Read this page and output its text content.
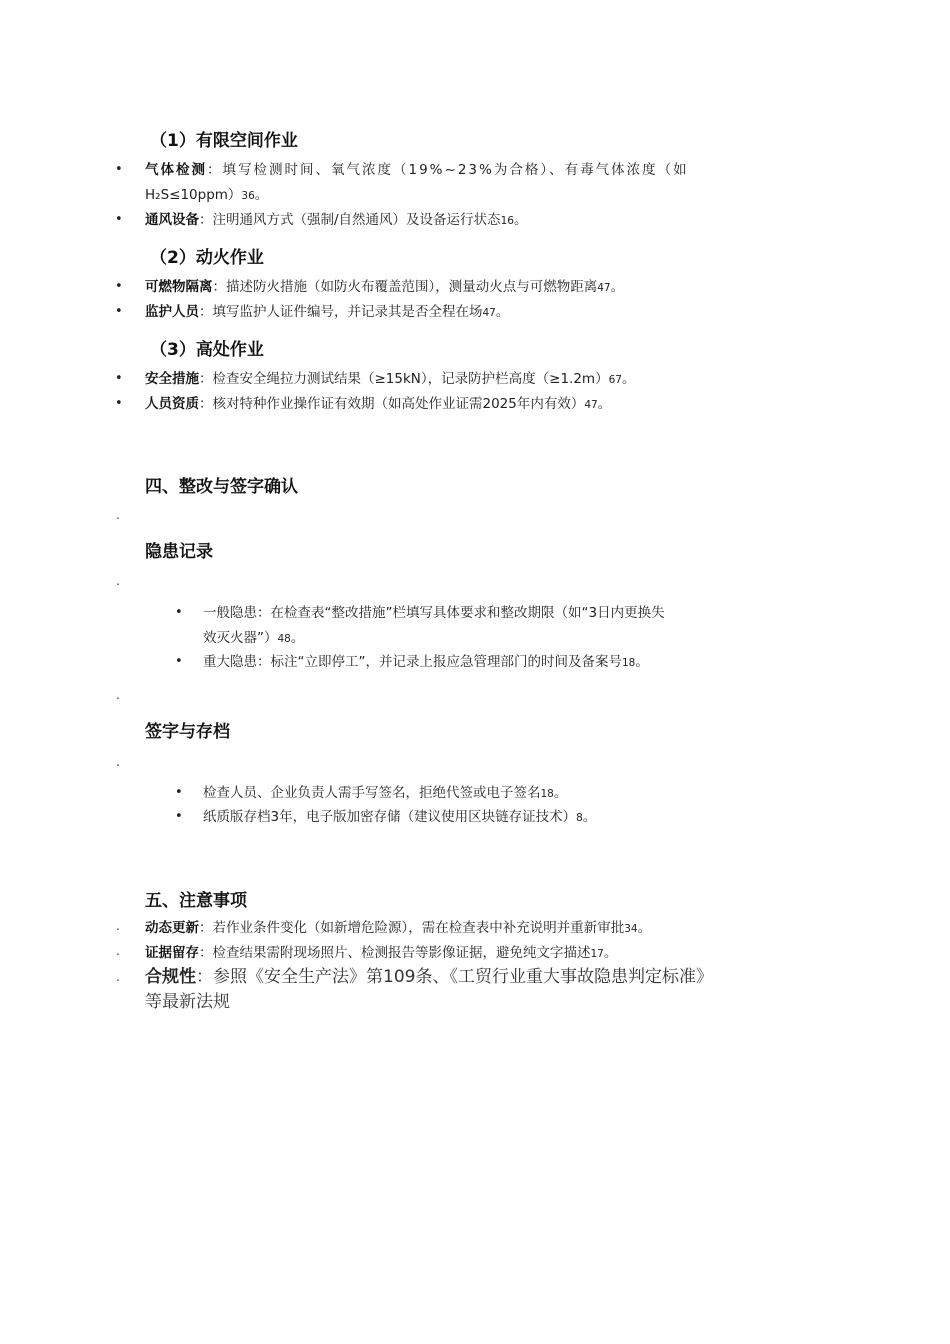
（1）有限空间作业
• 气体检测：填写检测时间、氧气浓度（19%~23%为合格）、有毒气体浓度（如
H₂S≤10ppm）36。
• 通风设备：注明通风方式（强制/自然通风）及设备运行状态16。
（2）动火作业
• 可燃物隔离：描述防火措施（如防火布覆盖范围），测量动火点与可燃物距离47。
• 监护人员：填写监护人证件编号，并记录其是否全程在场47。
（3）高处作业
• 安全措施：检查安全绳拉力测试结果（≥15kN），记录防护栏高度（≥1.2m）67。
• 人员资质：核对特种作业操作证有效期（如高处作业证需2025年内有效）47。
四、整改与签字确认
.
隐患记录
.
• 一般隐患：在检查表“整改措施”栏填写具体要求和整改期限（如“3日内更换失
效灭火器”）48。
• 重大隐患：标注“立即停工”，并记录上报应急管理部门的时间及备案号18。
.
签字与存档
.
• 检查人员、企业负责人需手写签名，拒绝代签或电子签名18。
• 纸质版存档3年，电子版加密存储（建议使用区块链存证技术）8。
五、注意事项
. 动态更新：若作业条件变化（如新增危险源），需在检查表中补充说明并重新审批34。
. 证据留存：检查结果需附现场照片、检测报告等影像证据，避免纯文字描述17。
. 合规性：参照《安全生产法》第109条、《工贸行业重大事故隐患判定标准》
等最新法规
